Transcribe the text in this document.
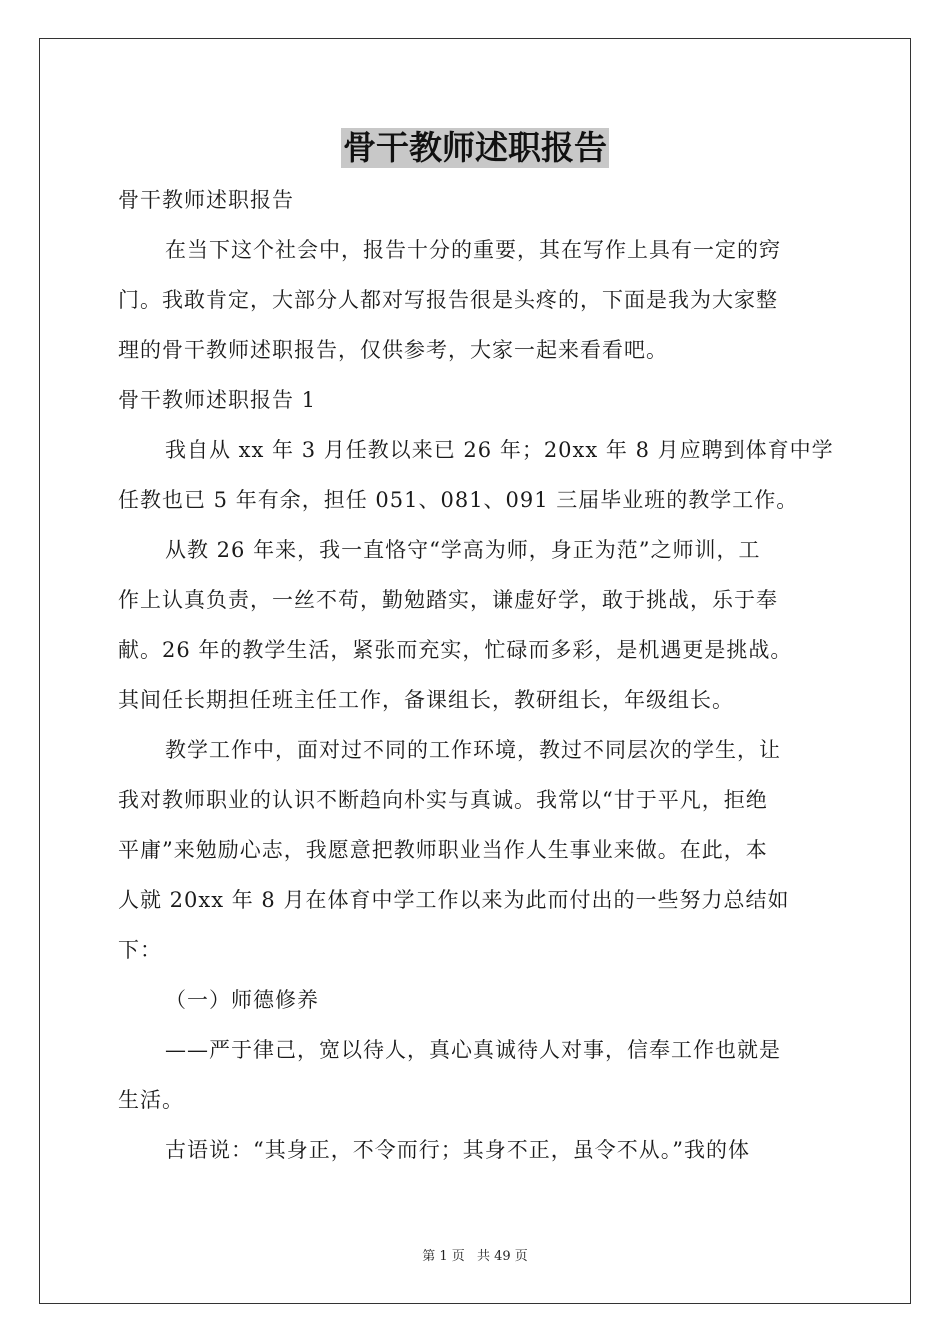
骨干教师述职报告
骨干教师述职报告
在当下这个社会中，报告十分的重要，其在写作上具有一定的窍
门。我敢肯定，大部分人都对写报告很是头疼的，下面是我为大家整
理的骨干教师述职报告，仅供参考，大家一起来看看吧。
骨干教师述职报告 1
我自从 xx 年 3 月任教以来已 26 年；20xx 年 8 月应聘到体育中学
任教也已 5 年有余，担任 051、081、091 三届毕业班的教学工作。
从教 26 年来，我一直恪守“学高为师，身正为范”之师训，工
作上认真负责，一丝不苟，勤勉踏实，谦虚好学，敢于挑战，乐于奉
献。26 年的教学生活，紧张而充实，忙碌而多彩，是机遇更是挑战。
其间任长期担任班主任工作，备课组长，教研组长，年级组长。
教学工作中，面对过不同的工作环境，教过不同层次的学生，让
我对教师职业的认识不断趋向朴实与真诚。我常以“甘于平凡，拒绝
平庸”来勉励心志，我愿意把教师职业当作人生事业来做。在此，本
人就 20xx 年 8 月在体育中学工作以来为此而付出的一些努力总结如
下：
（一）师德修养
——严于律己，宽以待人，真心真诚待人对事，信奉工作也就是
生活。
古语说：“其身正，不令而行；其身不正，虽令不从。”我的体
第 1 页 共 49 页
